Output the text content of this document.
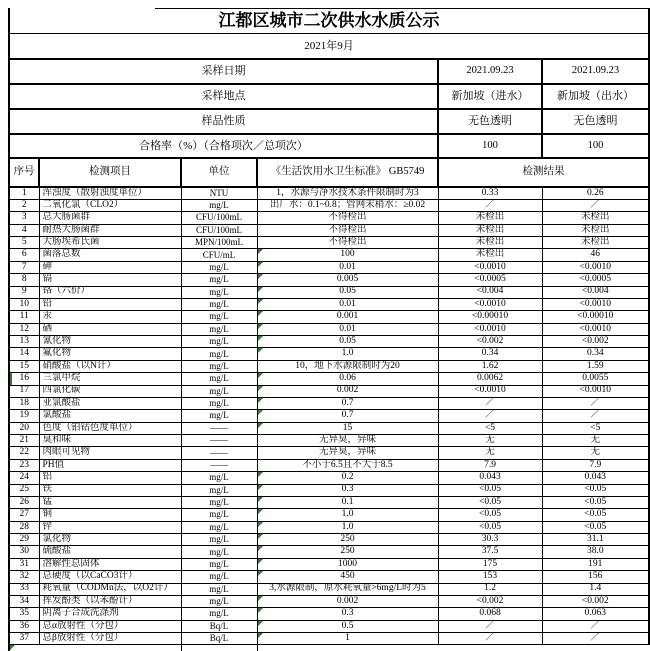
江都区城市二次供水水质公示					
2021年9月					
采样日期				2021.09.23	2021.09.23
采样地点				新加坡（进水）	新加坡（出水）
样品性质				无色透明	无色透明
合格率（%）（合格项次／总项次）				100	100
序号	检测项目	单位	《生活饮用水卫生标准》 GB5749	检测结果	
1	浑浊度（散射浊度单位）	NTU	1，水源与净水技术条件限制时为3	0.33	0.26
2	二氧化氯（CLO2）	mg/L	出厂水：0.1~0.8；管网末稍水：≥0.02	／	／
3	总大肠菌群	CFU/100mL	不得检出	未检出	未检出
4	耐热大肠菌群	CFU/100mL	不得检出	未检出	未检出
5	大肠埃希氏菌	MPN/100mL	不得检出	未检出	未检出
6	菌落总数	CFU/mL	100	未检出	46
7	砷	mg/L	0.01	<0.0010	<0.0010
8	镉	mg/L	0.005	<0.0005	<0.0005
9	铬（六价）	mg/L	0.05	<0.004	<0.004
10	铅	mg/L	0.01	<0.0010	<0.0010
11	汞	mg/L	0.001	<0.00010	<0.00010
12	硒	mg/L	0.01	<0.0010	<0.0010
13	氰化物	mg/L	0.05	<0.002	<0.002
14	氟化物	mg/L	1.0	0.34	0.34
15	硝酸盐（以N计）	mg/L	10，地下水源限制时为20	1.62	1.59
16	三氯甲烷	mg/L	0.06	0.0062	0.0055
17	四氯化碳	mg/L	0.002	<0.0010	<0.0010
18	亚氯酸盐	mg/L	0.7	／	／
19	氯酸盐	mg/L	0.7	／	／
20	色度（铂钴色度单位）	——	15	<5	<5
21	臭和味	——	无异臭，异味	无	无
22	肉眼可见物	——	无异臭，异味	无	无
23	PH值	——	不小于6.5且不大于8.5	7.9	7.9
24	铝	mg/L	0.2	0.043	0.043
25	铁	mg/L	0.3	<0.05	<0.05
26	锰	mg/L	0.1	<0.05	<0.05
27	铜	mg/L	1.0	<0.05	<0.05
28	锌	mg/L	1.0	<0.05	<0.05
29	氯化物	mg/L	250	30.3	31.1
30	硫酸盐	mg/L	250	37.5	38.0
31	溶解性总固体	mg/L	1000	175	191
32	总硬度（以CaCO3计）	mg/L	450	153	156
33	耗氧量（CODMn法，以O2计）	mg/L	3,水源限制，原水耗氧量>6mg/L时为5	1.2	1.4
34	挥发酚类（以苯酚计）	mg/L	0.002	<0.002	<0.002
35	阴离子合成洗涤剂	mg/L	0.3	0.068	0.063
36	总α放射性（分包）	Bq/L	0.5	／	／
37	总β放射性（分包）	Bq/L	1	／	／
